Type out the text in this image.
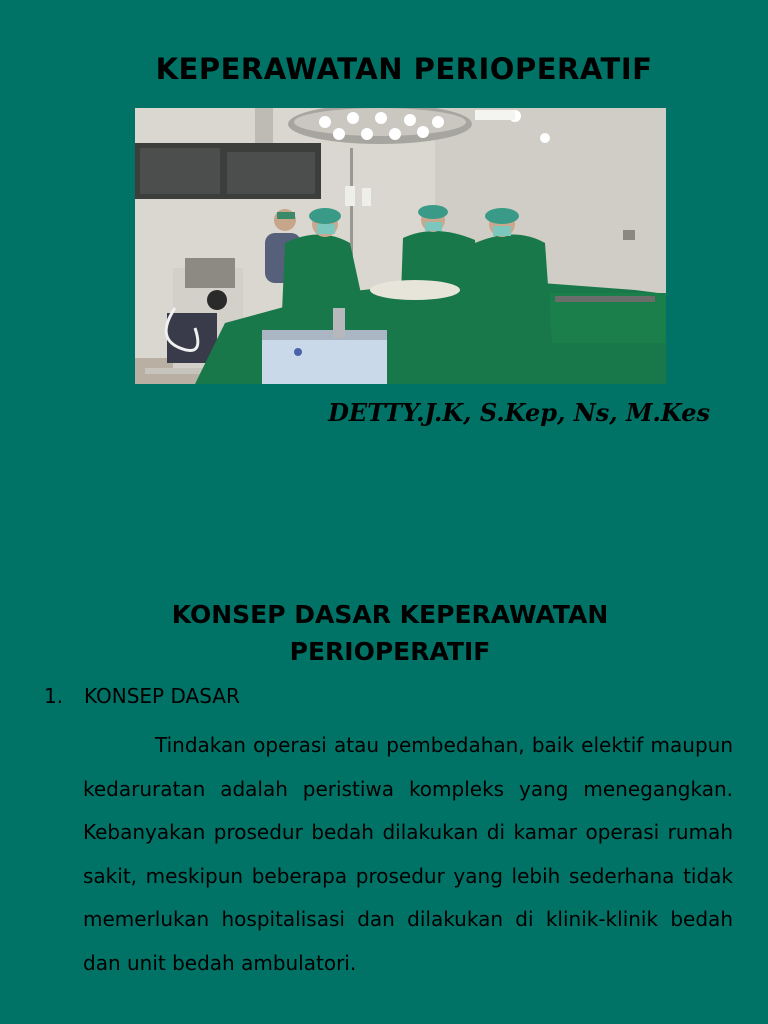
KEPERAWATAN PERIOPERATIF
DETTY.J.K, S.Kep, Ns, M.Kes
KONSEP DASAR KEPERAWATAN
PERIOPERATIF
1. KONSEP DASAR

Tindakan operasi atau pembedahan, baik elektif maupun kedaruratan adalah peristiwa kompleks yang menegangkan. Kebanyakan prosedur bedah dilakukan di kamar operasi rumah sakit, meskipun beberapa prosedur yang lebih sederhana tidak memerlukan hospitalisasi dan dilakukan di klinik-klinik bedah dan unit bedah ambulatori.
